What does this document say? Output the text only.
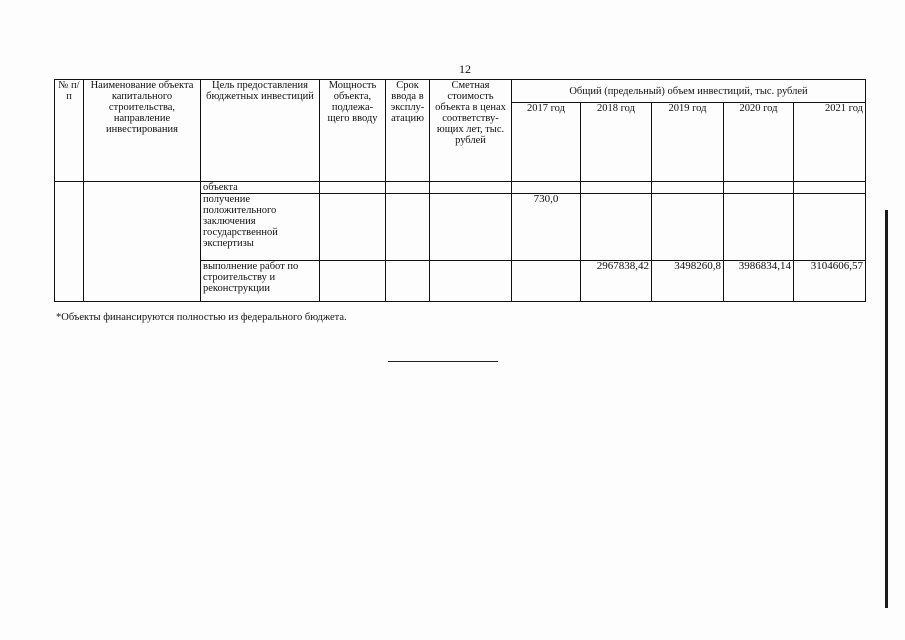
12
№ п/п	Наименование объекта капитального строительства, направление инвестирования	Цель предоставления бюджетных инвестиций	Мощность объекта, подлежа-щего вводу	Срок ввода в эксплу-атацию	Сметная стоимость объекта в ценах соответству-ющих лет, тыс. рублей	Общий (предельный) объем инвестиций, тыс. рублей				
						2017 год	2018 год	2019 год	2020 год	2021 год
		объекта								
		получение положительного заключения государственной экспертизы				730,0				
		выполнение работ по строительству и реконструкции					2967838,42	3498260,8	3986834,14	3104606,57
*Объекты финансируются полностью из федерального бюджета.
